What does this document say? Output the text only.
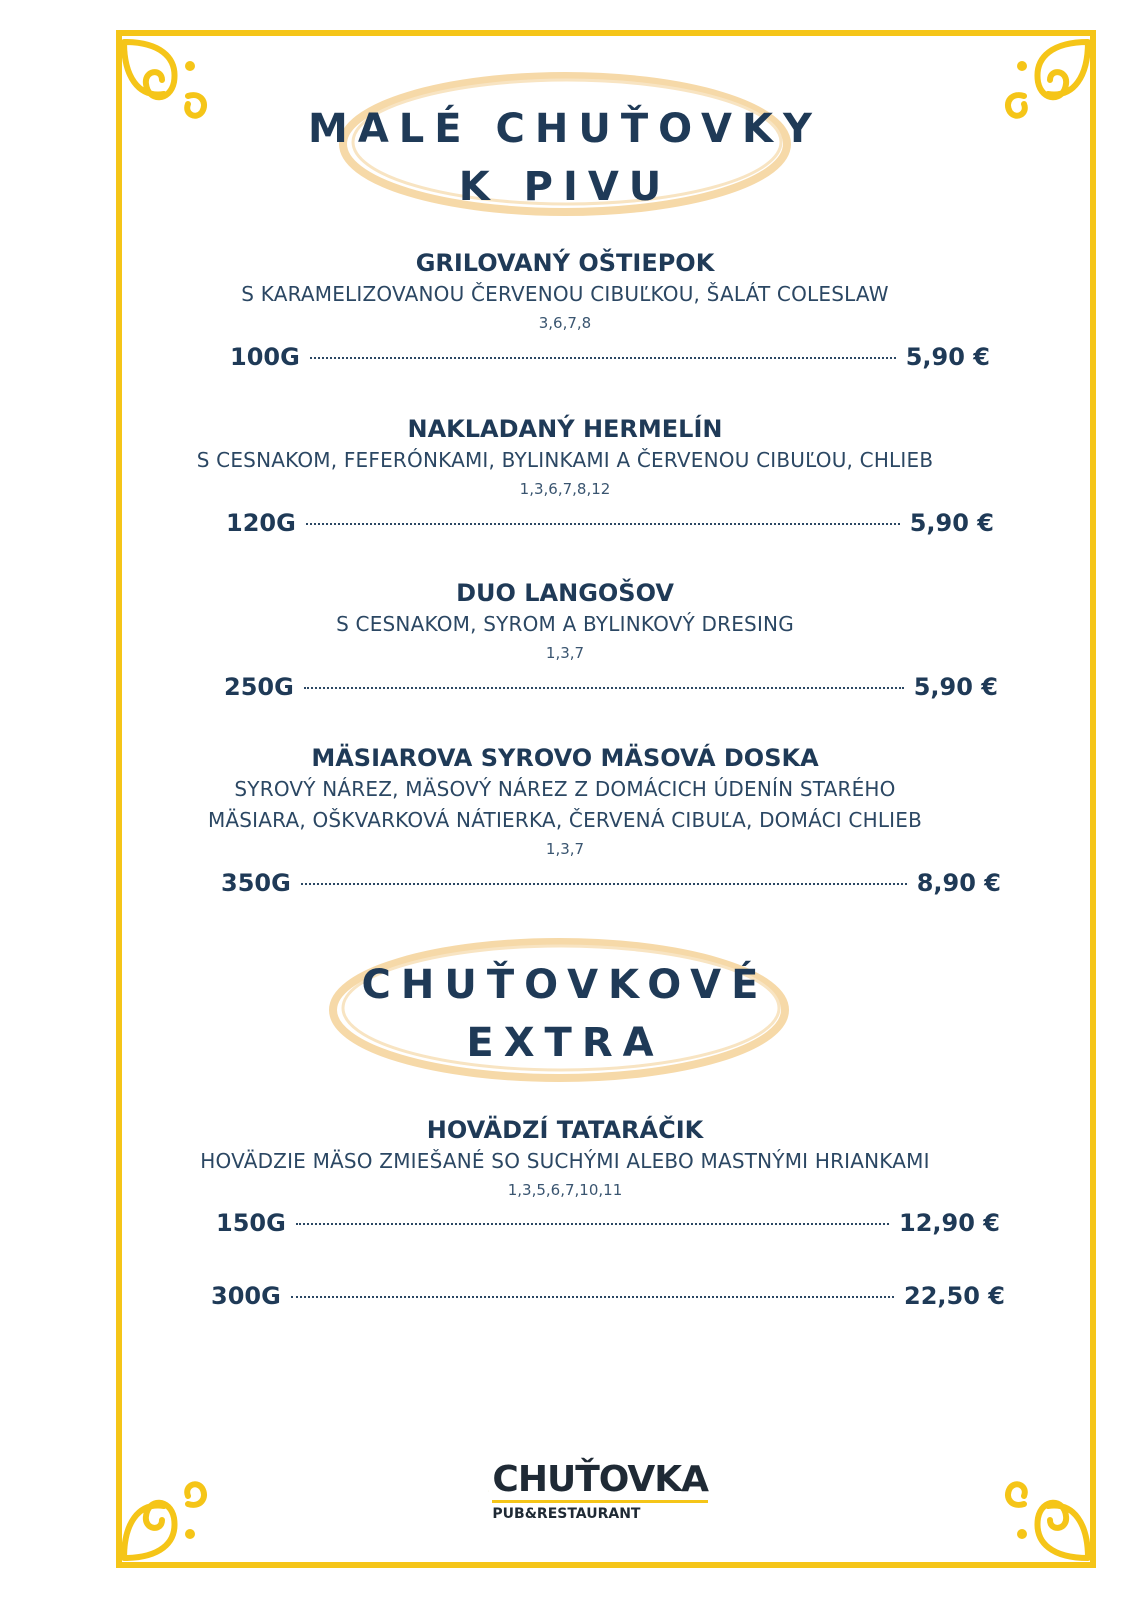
MALÉ CHUŤOVKY
K PIVU
GRILOVANÝ OŠTIEPOK
S KARAMELIZOVANOU ČERVENOU CIBUĽKOU, ŠALÁT COLESLAW
3,6,7,8
100G	5,90 €
NAKLADANÝ HERMELÍN
S CESNAKOM, FEFERÓNKAMI, BYLINKAMI A ČERVENOU CIBUĽOU, CHLIEB
1,3,6,7,8,12
120G	5,90 €
DUO LANGOŠOV
S CESNAKOM, SYROM A BYLINKOVÝ DRESING
1,3,7
250G	5,90 €
MÄSIAROVA SYROVO MÄSOVÁ DOSKA
SYROVÝ NÁREZ, MÄSOVÝ NÁREZ Z DOMÁCICH ÚDENÍN STARÉHO
MÄSIARA, OŠKVARKOVÁ NÁTIERKA, ČERVENÁ CIBUĽA, DOMÁCI CHLIEB
1,3,7
350G	8,90 €
CHUŤOVKOVÉ
EXTRA
HOVÄDZÍ TATARÁČIK
HOVÄDZIE MÄSO ZMIEŠANÉ SO SUCHÝMI ALEBO MASTNÝMI HRIANKAMI
1,3,5,6,7,10,11
150G	12,90 €
300G	22,50 €
CHUŤOVKA
PUB&RESTAURANT
